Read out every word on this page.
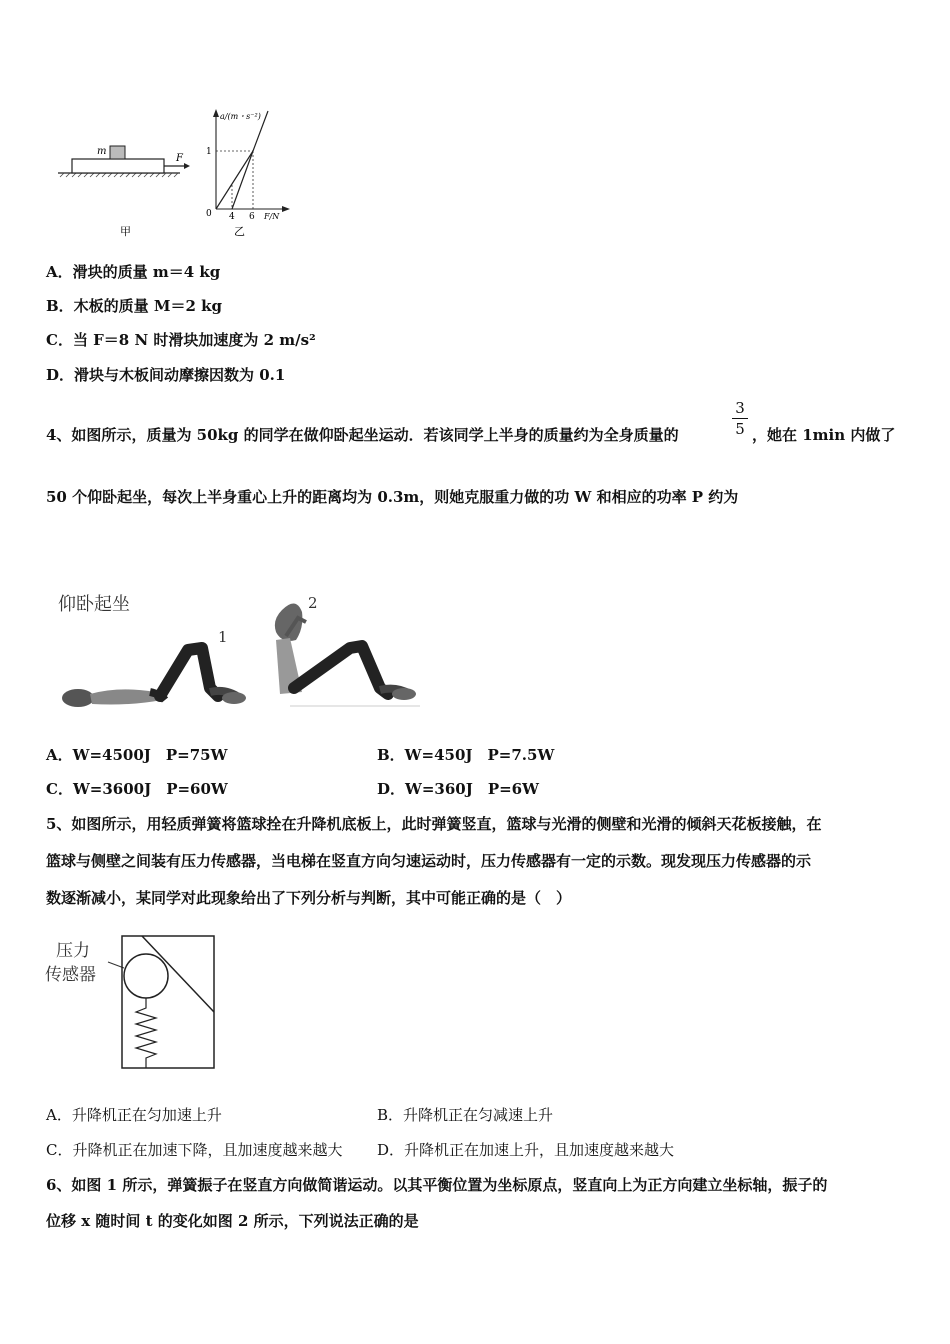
m
F
甲
a/(m・s⁻²)
F/N
0
1
4 6
乙
A．滑块的质量 m＝4 kg
B．木板的质量 M＝2 kg
C．当 F＝8 N 时滑块加速度为 2 m/s²
D．滑块与木板间动摩擦因数为 0.1
4、如图所示，质量为 50kg 的同学在做仰卧起坐运动．若该同学上半身的质量约为全身质量的	$\frac{3}{5}$ ，她在 1min 内做了
50 个仰卧起坐，每次上半身重心上升的距离均为 0.3m，则她克服重力做的功 W 和相应的功率 P 约为
仰卧起坐
1
2
A．W=4500J　P=75W	B．W=450J　P=7.5W
C．W=3600J　P=60W	D．W=360J　P=6W
5、如图所示，用轻质弹簧将篮球拴在升降机底板上，此时弹簧竖直，篮球与光滑的侧壁和光滑的倾斜天花板接触，在
篮球与侧壁之间装有压力传感器，当电梯在竖直方向匀速运动时，压力传感器有一定的示数。现发现压力传感器的示
数逐渐减小，某同学对此现象给出了下列分析与判断，其中可能正确的是（　）
压力
传感器
A．升降机正在匀加速上升	B．升降机正在匀减速上升
C．升降机正在加速下降，且加速度越来越大 D．升降机正在加速上升，且加速度越来越大
6、如图 1 所示，弹簧振子在竖直方向做简谐运动。以其平衡位置为坐标原点，竖直向上为正方向建立坐标轴，振子的
位移 x 随时间 t 的变化如图 2 所示，下列说法正确的是
